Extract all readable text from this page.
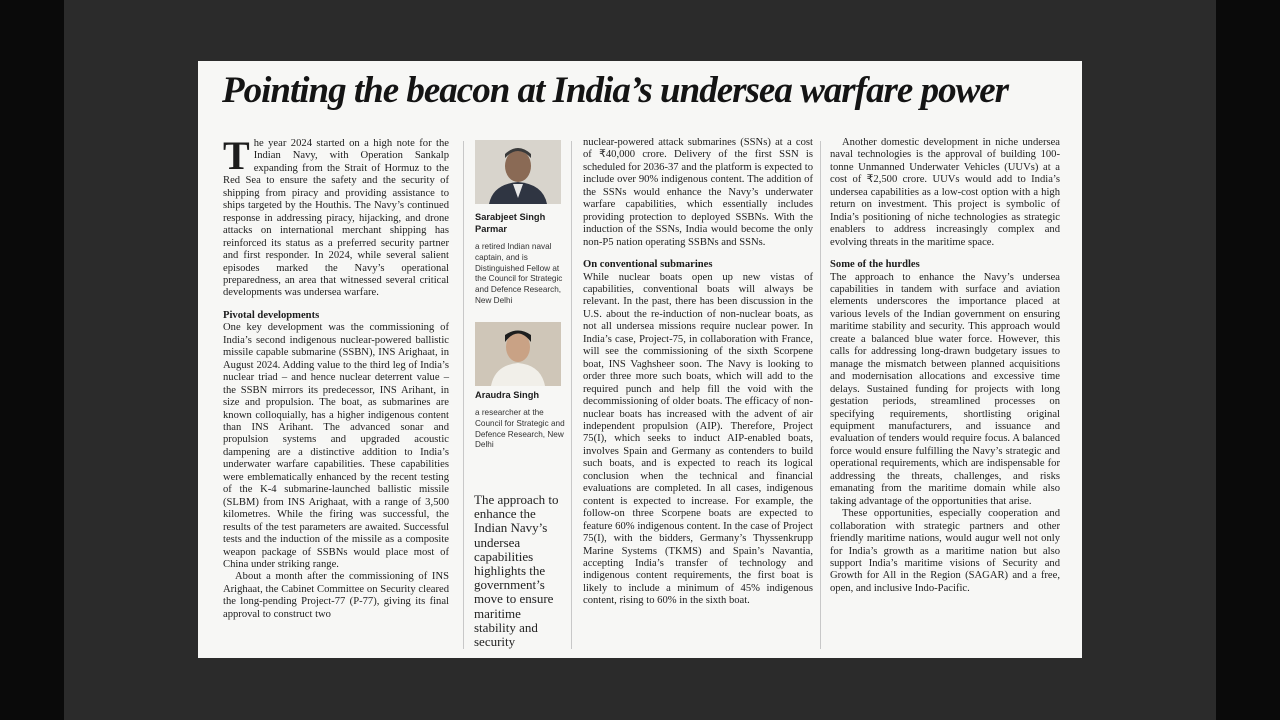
Pointing the beacon at India’s undersea warfare power

The year 2024 started on a high note for the Indian Navy, with Operation Sankalp expanding from the Strait of Hormuz to the Red Sea to ensure the safety and the security of shipping from piracy and providing assistance to ships targeted by the Houthis. The Navy’s continued response in addressing piracy, hijacking, and drone attacks on international merchant shipping has reinforced its status as a preferred security partner and first responder. In 2024, while several salient episodes marked the Navy’s operational preparedness, an area that witnessed several critical developments was undersea warfare.

Pivotal developments

One key development was the commissioning of India’s second indigenous nuclear-powered ballistic missile capable submarine (SSBN), INS Arighaat, in August 2024. Adding value to the third leg of India’s nuclear triad – and hence nuclear deterrent value – the SSBN mirrors its predecessor, INS Arihant, in size and propulsion. The boat, as submarines are known colloquially, has a higher indigenous content than INS Arihant. The advanced sonar and propulsion systems and upgraded acoustic dampening are a distinctive addition to India’s underwater warfare capabilities. These capabilities were emblematically enhanced by the recent testing of the K-4 submarine-launched ballistic missile (SLBM) from INS Arighaat, with a range of 3,500 kilometres. While the firing was successful, the results of the test parameters are awaited. Successful tests and the induction of the missile as a composite weapon package of SSBNs would place most of China under striking range.

About a month after the commissioning of INS Arighaat, the Cabinet Committee on Security cleared the long-pending Project-77 (P-77), giving its final approval to construct two

Sarabjeet Singh Parmar
a retired Indian naval captain, and is Distinguished Fellow at the Council for Strategic and Defence Research, New Delhi
Araudra Singh
a researcher at the Council for Strategic and Defence Research, New Delhi
The approach to enhance the Indian Navy’s undersea capabilities highlights the government’s move to ensure maritime stability and security

nuclear-powered attack submarines (SSNs) at a cost of ₹40,000 crore. Delivery of the first SSN is scheduled for 2036-37 and the platform is expected to include over 90% indigenous content. The addition of the SSNs would enhance the Navy’s underwater warfare capabilities, which essentially includes providing protection to deployed SSBNs. With the induction of the SSNs, India would become the only non-P5 nation operating SSBNs and SSNs.

On conventional submarines

While nuclear boats open up new vistas of capabilities, conventional boats will always be relevant. In the past, there has been discussion in the U.S. about the re-induction of non-nuclear boats, as not all undersea missions require nuclear power. In India’s case, Project-75, in collaboration with France, will see the commissioning of the sixth Scorpene boat, INS Vaghsheer soon. The Navy is looking to order three more such boats, which will add to the required punch and help fill the void with the decommissioning of older boats. The efficacy of non-nuclear boats has increased with the advent of air independent propulsion (AIP). Therefore, Project 75(I), which seeks to induct AIP-enabled boats, involves Spain and Germany as contenders to build such boats, and is expected to reach its logical conclusion when the technical and financial evaluations are completed. In all cases, indigenous content is expected to increase. For example, the follow-on three Scorpene boats are expected to feature 60% indigenous content. In the case of Project 75(I), with the bidders, Germany’s Thyssenkrupp Marine Systems (TKMS) and Spain’s Navantia, accepting India’s transfer of technology and indigenous content requirements, the first boat is likely to include a minimum of 45% indigenous content, rising to 60% in the sixth boat.

Another domestic development in niche undersea naval technologies is the approval of building 100-tonne Unmanned Underwater Vehicles (UUVs) at a cost of ₹2,500 crore. UUVs would add to India’s undersea capabilities as a low-cost option with a high return on investment. This project is symbolic of India’s positioning of niche technologies as strategic enablers to address increasingly complex and evolving threats in the maritime space.

Some of the hurdles

The approach to enhance the Navy’s undersea capabilities in tandem with surface and aviation elements underscores the importance placed at various levels of the Indian government on ensuring maritime stability and security. This approach would create a balanced blue water force. However, this calls for addressing long-drawn budgetary issues to manage the mismatch between planned acquisitions and modernisation allocations and excessive time delays. Sustained funding for projects with long gestation periods, streamlined processes on specifying requirements, shortlisting original equipment manufacturers, and issuance and evaluation of tenders would require focus. A balanced force would ensure fulfilling the Navy’s strategic and operational requirements, which are indispensable for addressing the threats, challenges, and risks emanating from the maritime domain while also taking advantage of the opportunities that arise.

These opportunities, especially cooperation and collaboration with strategic partners and other friendly maritime nations, would augur well not only for India’s growth as a maritime nation but also support India’s maritime visions of Security and Growth for All in the Region (SAGAR) and a free, open, and inclusive Indo-Pacific.
